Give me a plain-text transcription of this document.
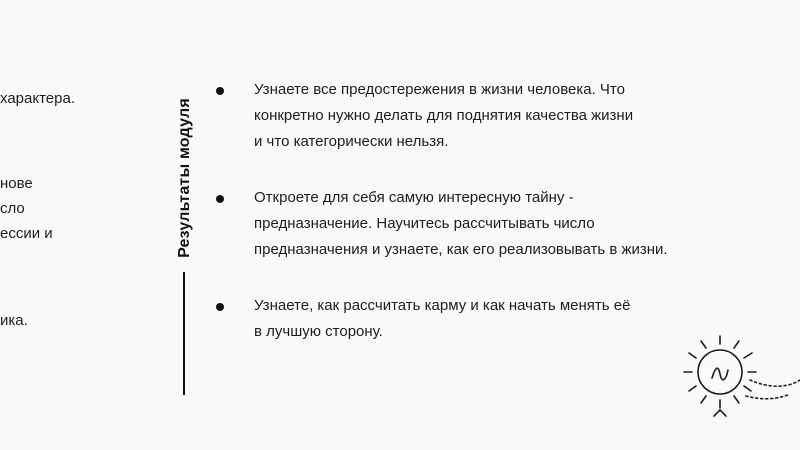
характера.
нове
сло
ессии и
ика.
Результаты модуля
Узнаете все предостережения в жизни человека. Что
конкретно нужно делать для поднятия качества жизни
и что категорически нельзя.
Откроете для себя самую интересную тайну -
предназначение. Научитесь рассчитывать число
предназначения и узнаете, как его реализовывать в жизни.
Узнаете, как рассчитать карму и как начать менять её
в лучшую сторону.
